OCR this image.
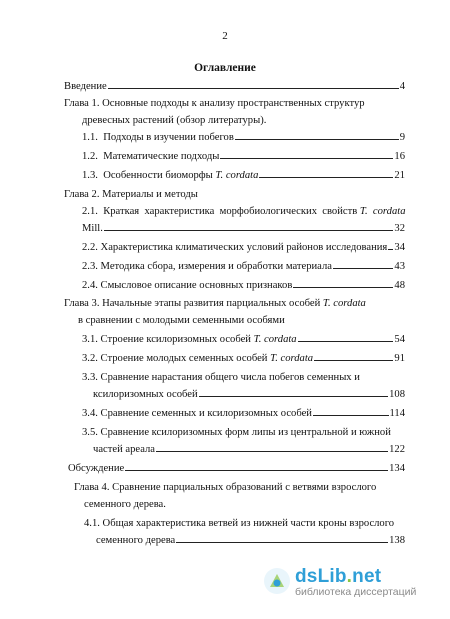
2
Оглавление
Введение	4
Глава 1. Основные подходы к анализу пространственных структур
древесных растений (обзор литературы).
1.1.  Подходы в изучении побегов	9
1.2.  Математические подходы	16
1.3.  Особенности биоморфы T. cordata	21
Глава 2. Материалы и методы
2.1.  Краткая  характеристика  морфобиологических  свойств T.  cordata
Mill.	32
2.2. Характеристика климатических условий районов исследования 34
2.3. Методика сбора, измерения и обработки материала	43
2.4. Смысловое описание основных признаков	48
Глава 3. Начальные этапы развития парциальных особей T. cordata
в сравнении с молодыми семенными особями
3.1. Строение ксилоризомных особей T. cordata	54
3.2. Строение молодых семенных особей T. cordata	91
3.3. Сравнение нарастания общего числа побегов семенных и
ксилоризомных особей	108
3.4. Сравнение семенных и ксилоризомных особей	114
3.5. Сравнение ксилоризомных форм липы из центральной и южной
частей ареала	122
Обсуждение	134
Глава 4. Сравнение парциальных образований с ветвями взрослого
семенного дерева.
4.1. Общая характеристика ветвей из нижней части кроны взрослого
семенного дерева	138
dsLib.net
библиотека диссертаций
